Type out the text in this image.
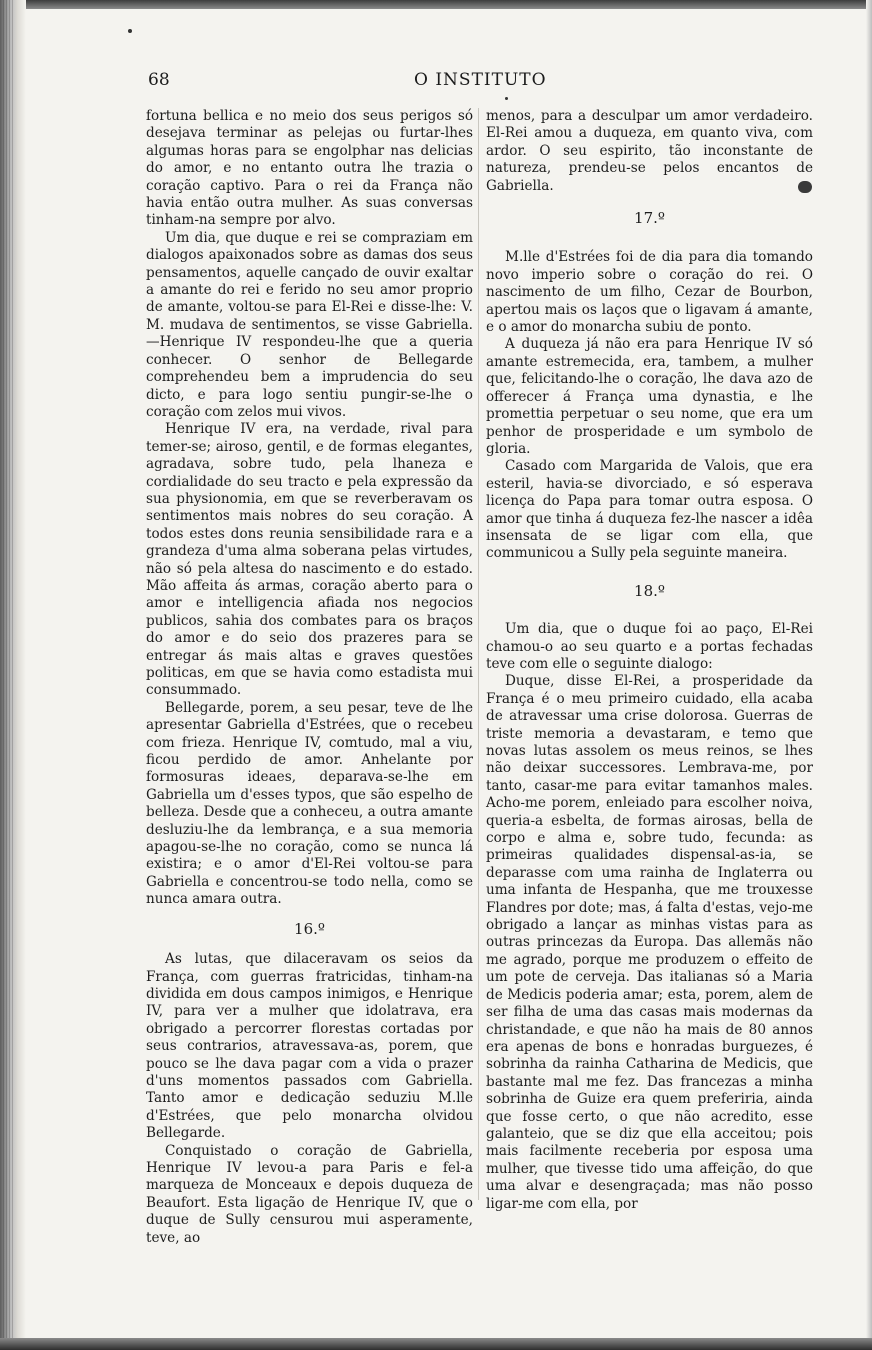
68	O INSTITUTO

fortuna bellica e no meio dos seus perigos só desejava terminar as pelejas ou furtar-lhes algumas horas para se engolphar nas delicias do amor, e no entanto outra lhe trazia o coração captivo. Para o rei da França não havia então outra mulher. As suas conversas tinham-na sempre por alvo.

Um dia, que duque e rei se compraziam em dialogos apaixonados sobre as damas dos seus pensamentos, aquelle cançado de ouvir exaltar a amante do rei e ferido no seu amor proprio de amante, voltou-se para El-Rei e disse-lhe: V. M. mudava de sentimentos, se visse Gabriella.—Henrique IV respondeu-lhe que a queria conhecer. O senhor de Bellegarde comprehendeu bem a imprudencia do seu dicto, e para logo sentiu pungir-se-lhe o coração com zelos mui vivos.

Henrique IV era, na verdade, rival para temer-se; airoso, gentil, e de formas elegantes, agradava, sobre tudo, pela lhaneza e cordialidade do seu tracto e pela expressão da sua physionomia, em que se reverberavam os sentimentos mais nobres do seu coração. A todos estes dons reunia sensibilidade rara e a grandeza d'uma alma soberana pelas virtudes, não só pela altesa do nascimento e do estado. Mão affeita ás armas, coração aberto para o amor e intelligencia afiada nos negocios publicos, sahia dos combates para os braços do amor e do seio dos prazeres para se entregar ás mais altas e graves questões politicas, em que se havia como estadista mui consummado.

Bellegarde, porem, a seu pesar, teve de lhe apresentar Gabriella d'Estrées, que o recebeu com frieza. Henrique IV, comtudo, mal a viu, ficou perdido de amor. Anhelante por formosuras ideaes, deparava-se-lhe em Gabriella um d'esses typos, que são espelho de belleza. Desde que a conheceu, a outra amante desluziu-lhe da lembrança, e a sua memoria apagou-se-lhe no coração, como se nunca lá existira; e o amor d'El-Rei voltou-se para Gabriella e concentrou-se todo nella, como se nunca amara outra.

16.º

As lutas, que dilaceravam os seios da França, com guerras fratricidas, tinham-na dividida em dous campos inimigos, e Henrique IV, para ver a mulher que idolatrava, era obrigado a percorrer florestas cortadas por seus contrarios, atravessava-as, porem, que pouco se lhe dava pagar com a vida o prazer d'uns momentos passados com Gabriella. Tanto amor e dedicação seduziu M.lle d'Estrées, que pelo monarcha olvidou Bellegarde.

Conquistado o coração de Gabriella, Henrique IV levou-a para Paris e fel-a marqueza de Monceaux e depois duqueza de Beaufort. Esta ligação de Henrique IV, que o duque de Sully censurou mui asperamente, teve, ao

menos, para a desculpar um amor verdadeiro. El-Rei amou a duqueza, em quanto viva, com ardor. O seu espirito, tão inconstante de natureza, prendeu-se pelos encantos de Gabriella.

17.º

M.lle d'Estrées foi de dia para dia tomando novo imperio sobre o coração do rei. O nascimento de um filho, Cezar de Bourbon, apertou mais os laços que o ligavam á amante, e o amor do monarcha subiu de ponto.

A duqueza já não era para Henrique IV só amante estremecida, era, tambem, a mulher que, felicitando-lhe o coração, lhe dava azo de offerecer á França uma dynastia, e lhe promettia perpetuar o seu nome, que era um penhor de prosperidade e um symbolo de gloria.

Casado com Margarida de Valois, que era esteril, havia-se divorciado, e só esperava licença do Papa para tomar outra esposa. O amor que tinha á duqueza fez-lhe nascer a idêa insensata de se ligar com ella, que communicou a Sully pela seguinte maneira.

18.º

Um dia, que o duque foi ao paço, El-Rei chamou-o ao seu quarto e a portas fechadas teve com elle o seguinte dialogo:

Duque, disse El-Rei, a prosperidade da França é o meu primeiro cuidado, ella acaba de atravessar uma crise dolorosa. Guerras de triste memoria a devastaram, e temo que novas lutas assolem os meus reinos, se lhes não deixar successores. Lembrava-me, por tanto, casar-me para evitar tamanhos males. Acho-me porem, enleiado para escolher noiva, queria-a esbelta, de formas airosas, bella de corpo e alma e, sobre tudo, fecunda: as primeiras qualidades dispensal-as-ia, se deparasse com uma rainha de Inglaterra ou uma infanta de Hespanha, que me trouxesse Flandres por dote; mas, á falta d'estas, vejo-me obrigado a lançar as minhas vistas para as outras princezas da Europa. Das allemãs não me agrado, porque me produzem o effeito de um pote de cerveja. Das italianas só a Maria de Medicis poderia amar; esta, porem, alem de ser filha de uma das casas mais modernas da christandade, e que não ha mais de 80 annos era apenas de bons e honradas burguezes, é sobrinha da rainha Catharina de Medicis, que bastante mal me fez. Das francezas a minha sobrinha de Guize era quem preferiria, ainda que fosse certo, o que não acredito, esse galanteio, que se diz que ella acceitou; pois mais facilmente receberia por esposa uma mulher, que tivesse tido uma affeição, do que uma alvar e desengraçada; mas não posso ligar-me com ella, por
